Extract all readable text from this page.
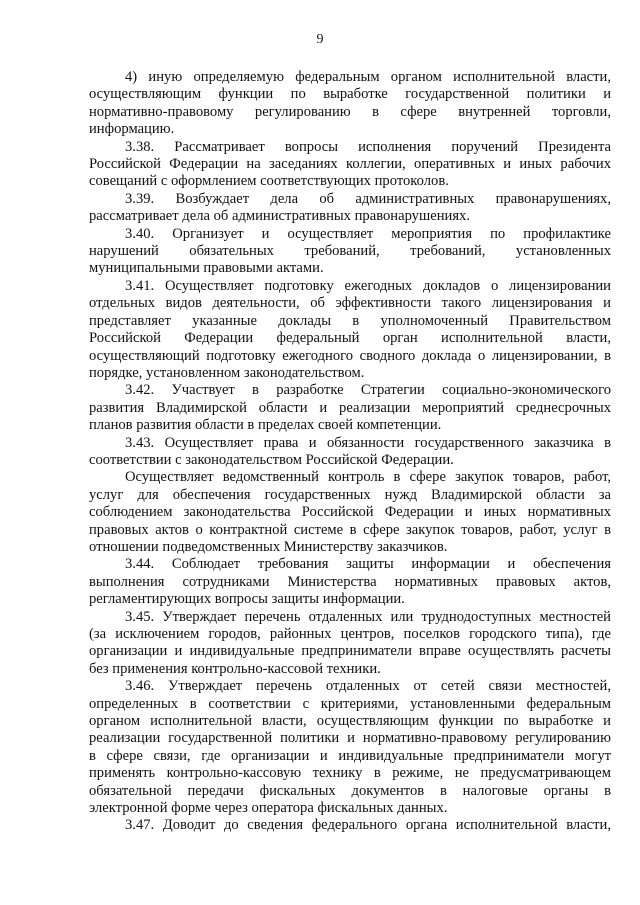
9
4) иную определяемую федеральным органом исполнительной власти,
осуществляющим функции по выработке государственной политики и
нормативно-правовому регулированию в сфере внутренней торговли,
информацию.
3.38. Рассматривает вопросы исполнения поручений Президента
Российской Федерации на заседаниях коллегии, оперативных и иных рабочих
совещаний с оформлением соответствующих протоколов.
3.39. Возбуждает дела об административных правонарушениях,
рассматривает дела об административных правонарушениях.
3.40. Организует и осуществляет мероприятия по профилактике
нарушений обязательных требований, требований, установленных
муниципальными правовыми актами.
3.41. Осуществляет подготовку ежегодных докладов о лицензировании
отдельных видов деятельности, об эффективности такого лицензирования и
представляет указанные доклады в уполномоченный Правительством
Российской Федерации федеральный орган исполнительной власти,
осуществляющий подготовку ежегодного сводного доклада о лицензировании, в
порядке, установленном законодательством.
3.42. Участвует в разработке Стратегии социально-экономического
развития Владимирской области и реализации мероприятий среднесрочных
планов развития области в пределах своей компетенции.
3.43. Осуществляет права и обязанности государственного заказчика в
соответствии с законодательством Российской Федерации.
Осуществляет ведомственный контроль в сфере закупок товаров, работ,
услуг для обеспечения государственных нужд Владимирской области за
соблюдением законодательства Российской Федерации и иных нормативных
правовых актов о контрактной системе в сфере закупок товаров, работ, услуг в
отношении подведомственных Министерству заказчиков.
3.44. Соблюдает требования защиты информации и обеспечения
выполнения сотрудниками Министерства нормативных правовых актов,
регламентирующих вопросы защиты информации.
3.45. Утверждает перечень отдаленных или труднодоступных местностей
(за исключением городов, районных центров, поселков городского типа), где
организации и индивидуальные предприниматели вправе осуществлять расчеты
без применения контрольно-кассовой техники.
3.46. Утверждает перечень отдаленных от сетей связи местностей,
определенных в соответствии с критериями, установленными федеральным
органом исполнительной власти, осуществляющим функции по выработке и
реализации государственной политики и нормативно-правовому регулированию
в сфере связи, где организации и индивидуальные предприниматели могут
применять контрольно-кассовую технику в режиме, не предусматривающем
обязательной передачи фискальных документов в налоговые органы в
электронной форме через оператора фискальных данных.
3.47. Доводит до сведения федерального органа исполнительной власти,
